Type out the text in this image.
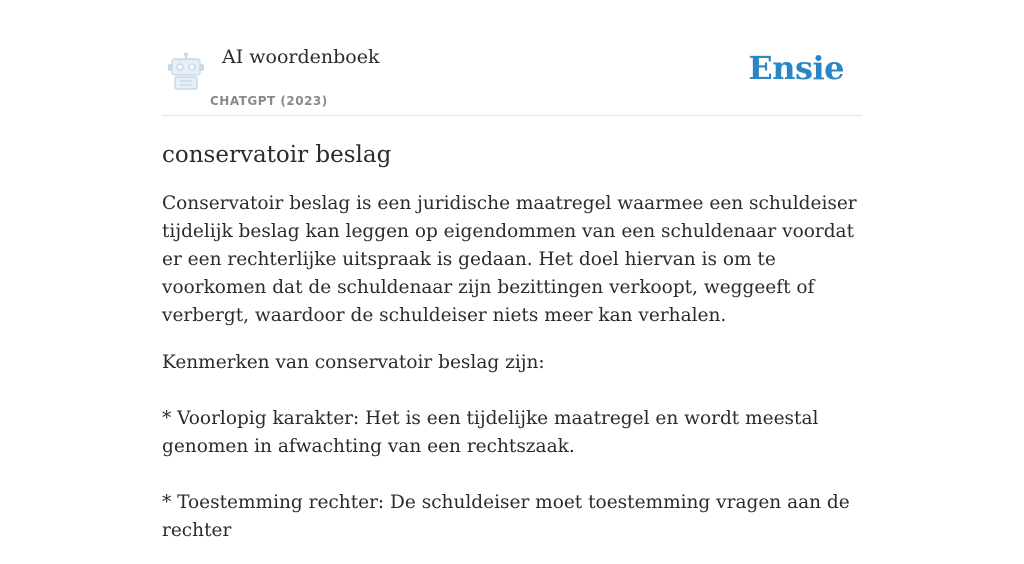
AI woordenboek
CHATGPT (2023)
Ensie
conservatoir beslag

Conservatoir beslag is een juridische maatregel waarmee een schuldeiser tijdelijk beslag kan leggen op eigendommen van een schuldenaar voordat er een rechterlijke uitspraak is gedaan. Het doel hiervan is om te voorkomen dat de schuldenaar zijn bezittingen verkoopt, weggeeft of verbergt, waardoor de schuldeiser niets meer kan verhalen.

Kenmerken van conservatoir beslag zijn:

* Voorlopig karakter: Het is een tijdelijke maatregel en wordt meestal genomen in afwachting van een rechtszaak.

* Toestemming rechter: De schuldeiser moet toestemming vragen aan de rechter
